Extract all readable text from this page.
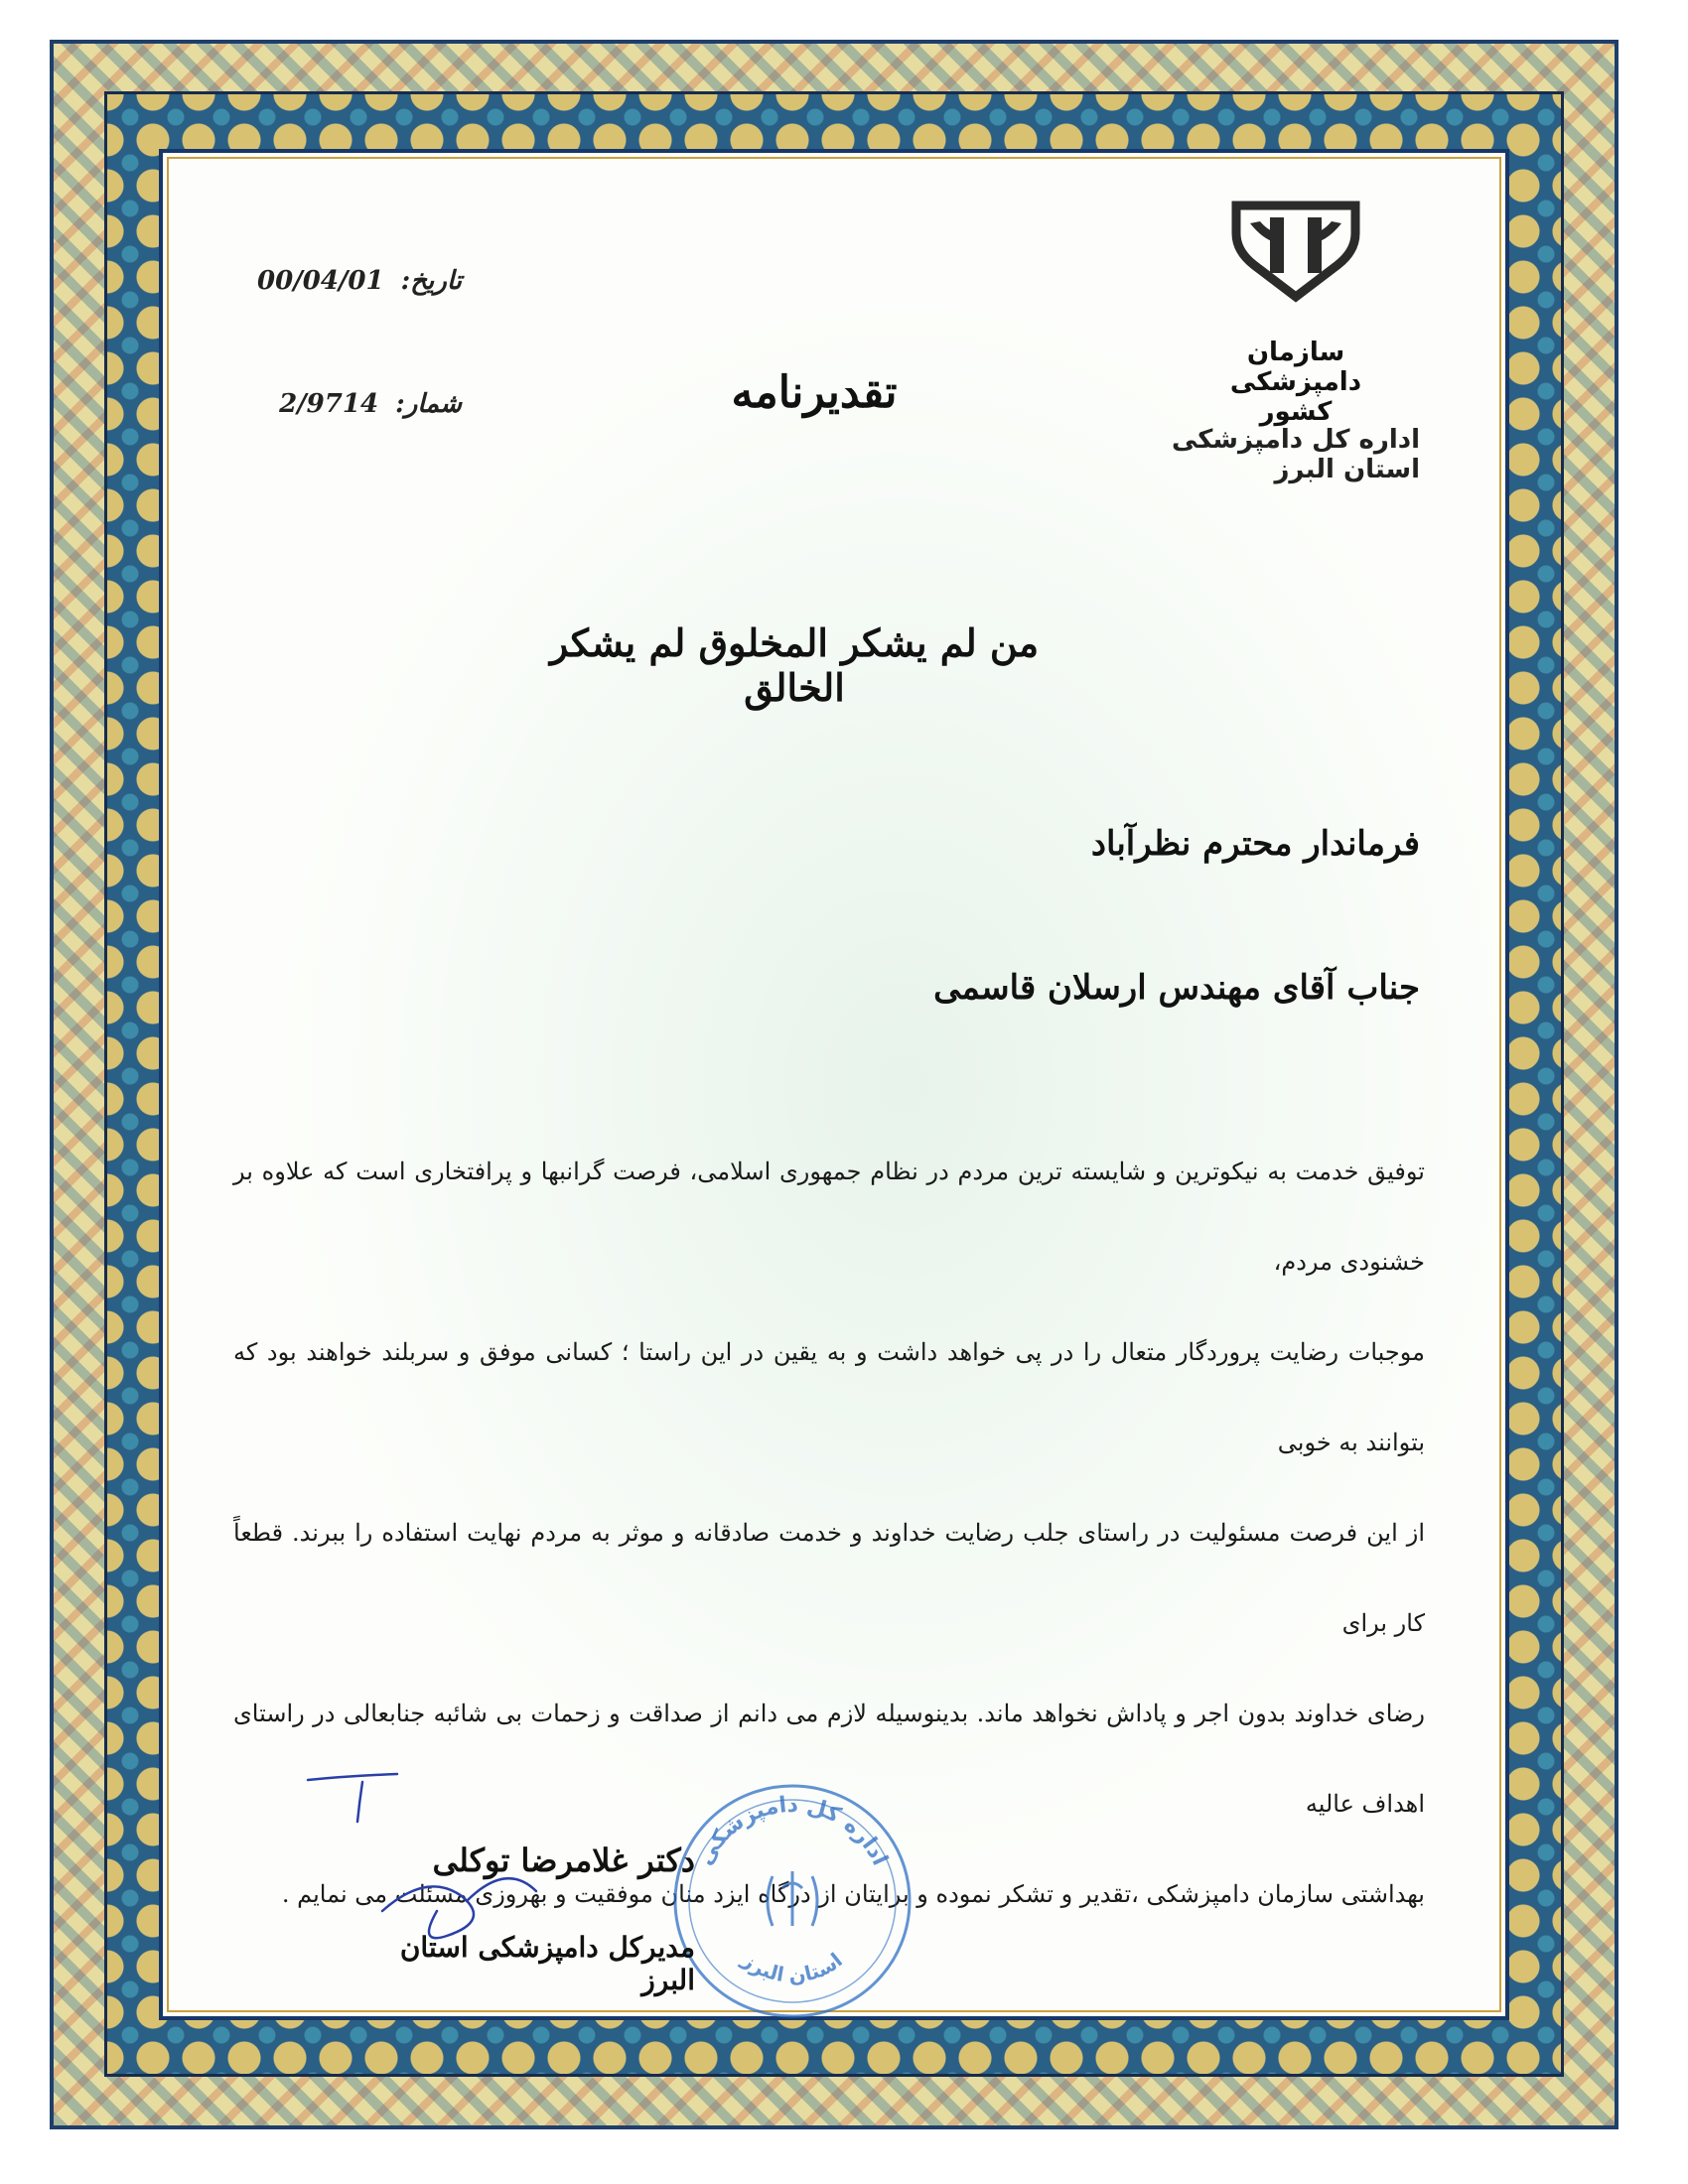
سازمان دامپزشکی کشور

اداره کل دامپزشکی استان البرز

تاریخ: 00/04/01

شمار: 2/9714	تقدیرنامه

من لم یشکر المخلوق لم یشکر الخالق

فرماندار محترم نظرآباد

جناب آقای مهندس ارسلان قاسمی

توفیق خدمت به نیکوترین و شایسته ترین مردم در نظام جمهوری اسلامی، فرصت گرانبها و پرافتخاری است که علاوه بر خشنودی مردم،
موجبات رضایت پروردگار متعال را در پی خواهد داشت و به یقین در این راستا ؛ کسانی موفق و سربلند خواهند بود که بتوانند به خوبی
از این فرصت مسئولیت در راستای جلب رضایت خداوند و خدمت صادقانه و موثر به مردم نهایت استفاده را ببرند. قطعاً کار برای
رضای خداوند بدون اجر و پاداش نخواهد ماند. بدینوسیله لازم می دانم از صداقت و زحمات بی شائبه جنابعالی در راستای اهداف عالیه
بهداشتی سازمان دامپزشکی ،تقدیر و تشکر نموده و برایتان از درگاه ایزد منان موفقیت و بهروزی مسئلت می نمایم .
اداره کل دامپزشکی
استان البرز

دکتر غلامرضا توکلی

مدیرکل دامپزشکی استان البرز
